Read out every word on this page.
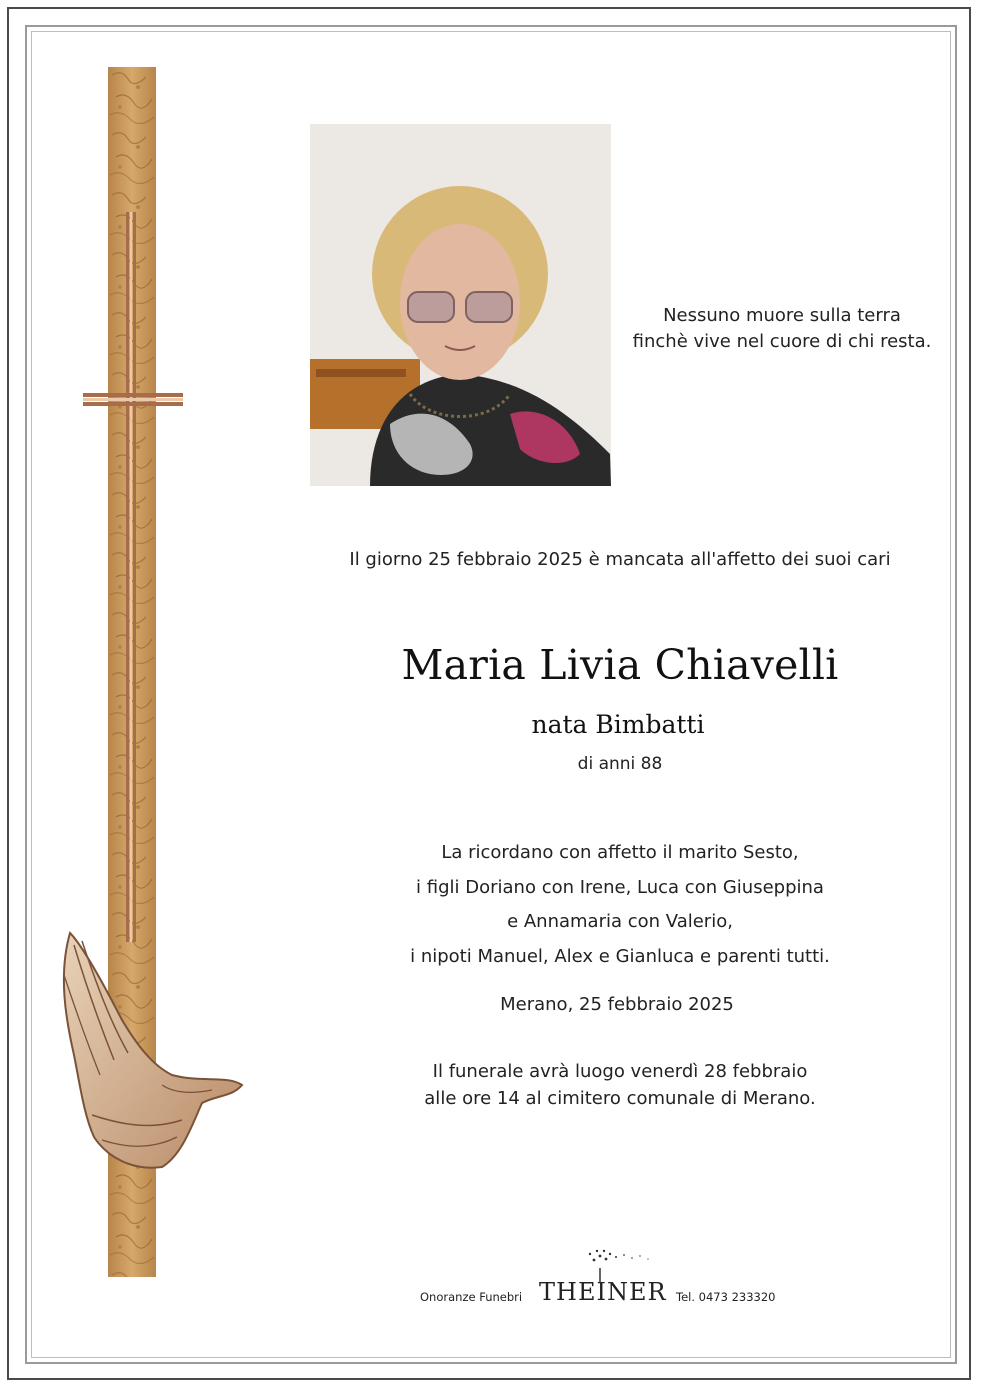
Nessuno muore sulla terra
finchè vive nel cuore di chi resta.
Il giorno 25 febbraio 2025 è mancata all'affetto dei suoi cari
Maria Livia Chiavelli
nata Bimbatti
di anni 88
La ricordano con affetto il marito Sesto,
i figli Doriano con Irene, Luca con Giuseppina
e Annamaria con Valerio,
i nipoti Manuel, Alex e Gianluca e parenti tutti.
Merano, 25 febbraio 2025
Il funerale avrà luogo venerdì 28 febbraio
alle ore 14 al cimitero comunale di Merano.
Onoranze Funebri THEINER Tel. 0473 233320
